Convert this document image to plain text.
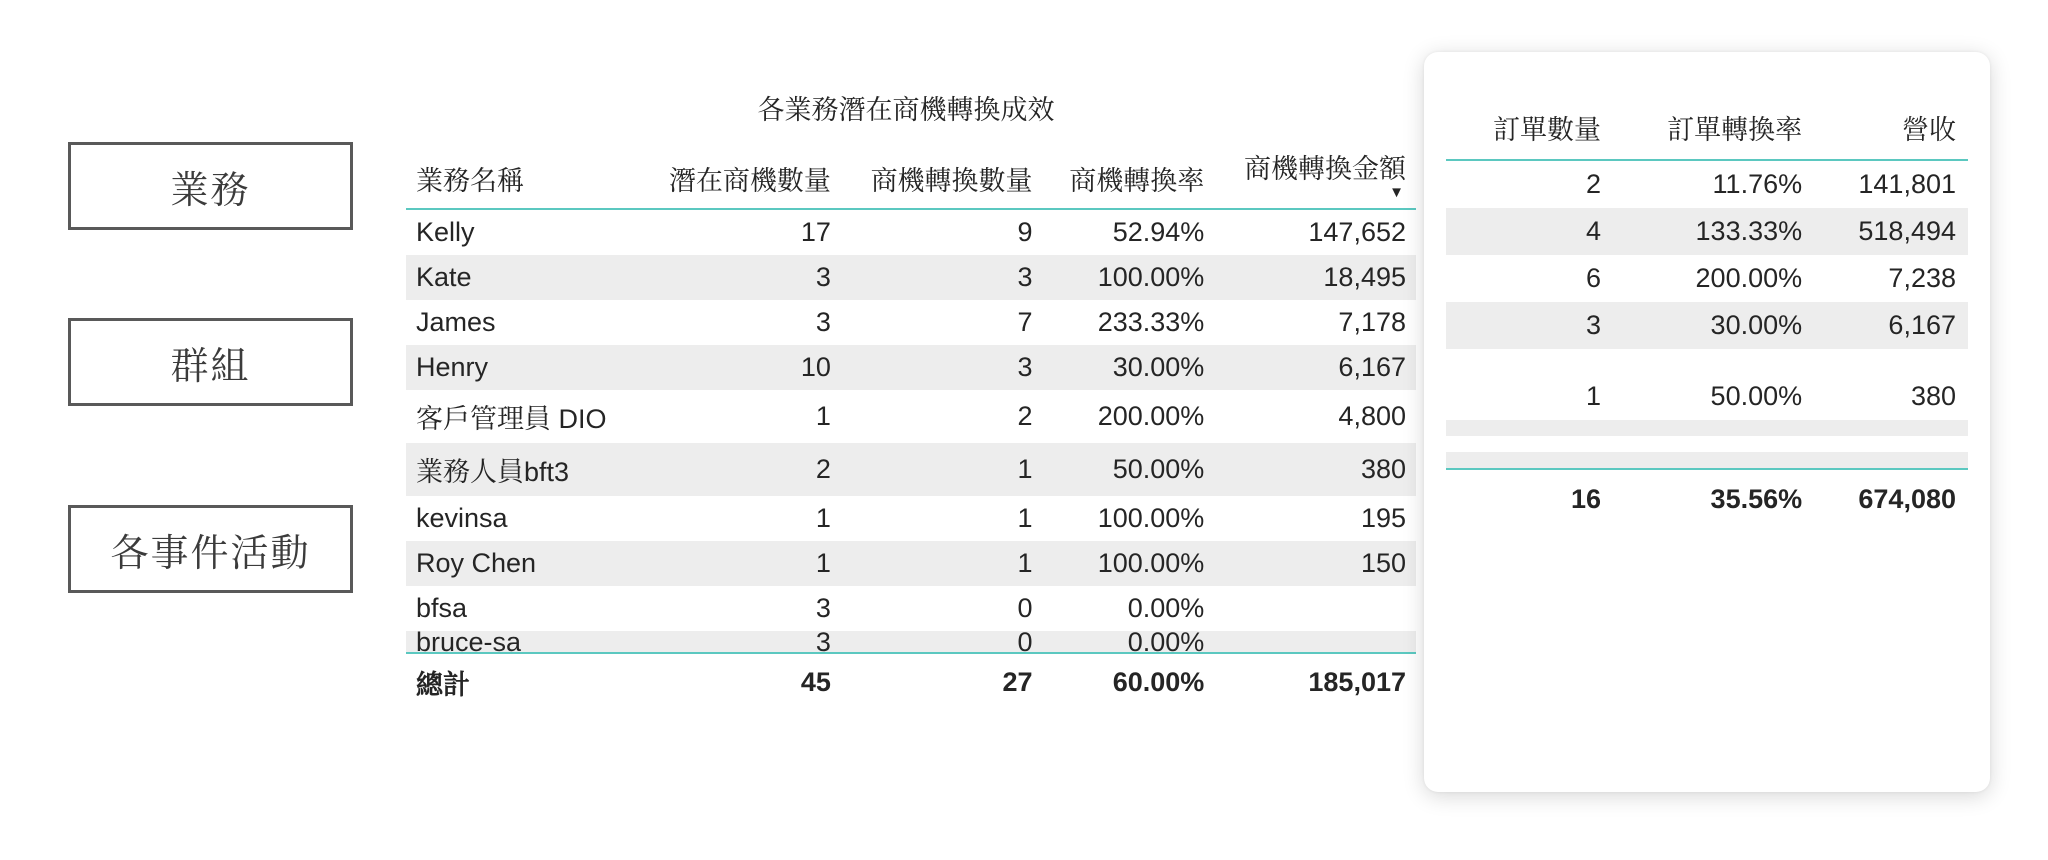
業務
群組
各事件活動
各業務潛在商機轉換成效
業務名稱	潛在商機數量	商機轉換數量	商機轉換率	商機轉換金額
▼

Kelly	17	9	52.94%	147,652
Kate	3	3	100.00%	18,495
James	3	7	233.33%	7,178
Henry	10	3	30.00%	6,167
客戶管理員 DIO	1	2	200.00%	4,800
業務人員bft3	2	1	50.00%	380
kevinsa	1	1	100.00%	195
Roy Chen	1	1	100.00%	150
bfsa	3	0	0.00%	
bruce-sa	3	0	0.00%	
總計	45	27	60.00%	185,017
訂單數量	訂單轉換率	營收
2	11.76%	141,801
4	133.33%	518,494
6	200.00%	7,238
3	30.00%	6,167

1	50.00%	380

16	35.56%	674,080
